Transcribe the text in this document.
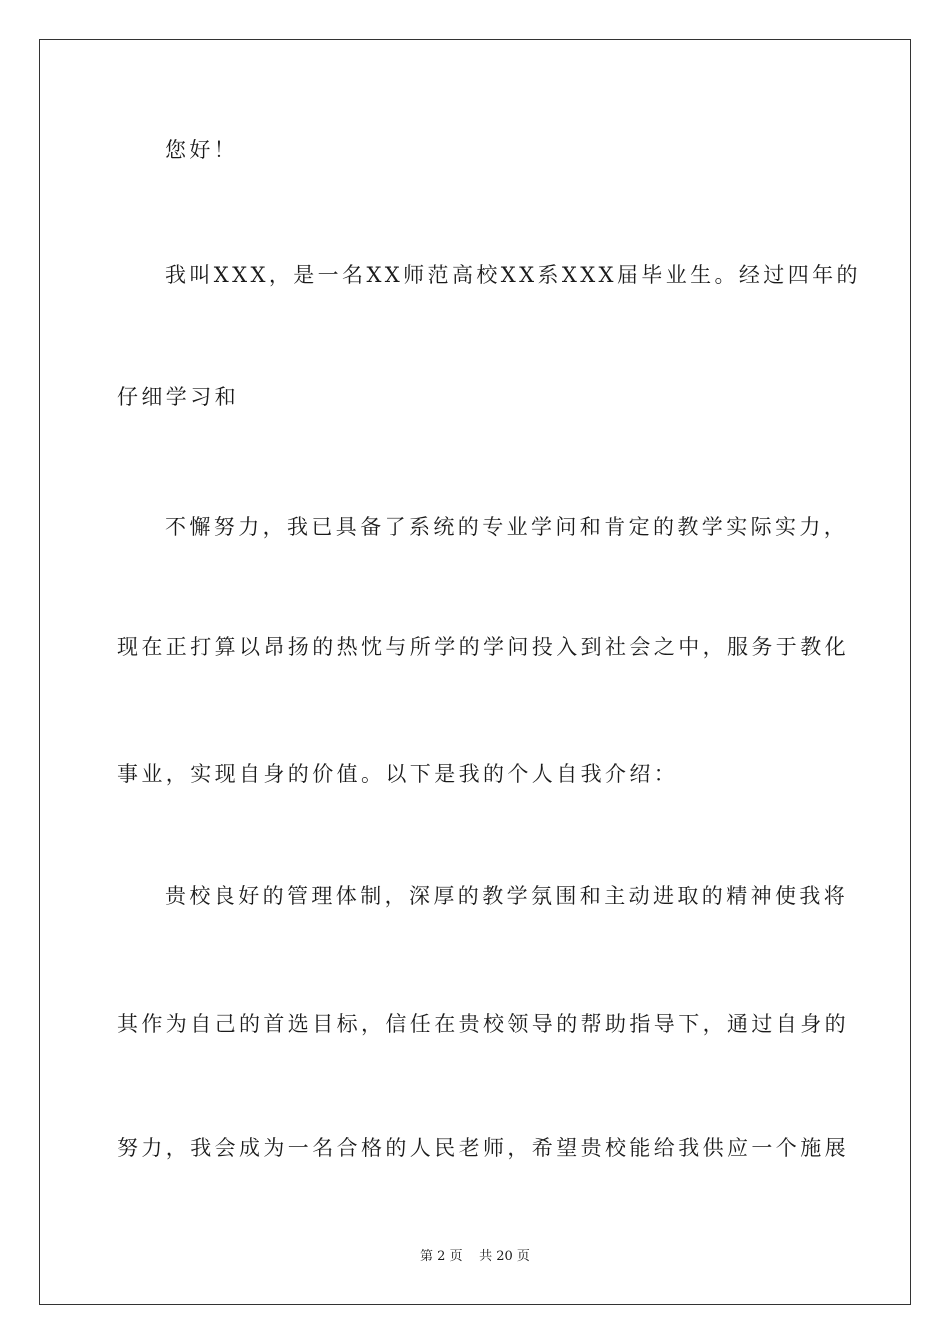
您好！
我叫XXX，是一名XX师范高校XX系XXX届毕业生。经过四年的
仔细学习和
不懈努力，我已具备了系统的专业学问和肯定的教学实际实力，
现在正打算以昂扬的热忱与所学的学问投入到社会之中，服务于教化
事业，实现自身的价值。以下是我的个人自我介绍：
贵校良好的管理体制，深厚的教学氛围和主动进取的精神使我将
其作为自己的首选目标，信任在贵校领导的帮助指导下，通过自身的
努力，我会成为一名合格的人民老师，希望贵校能给我供应一个施展
第 2 页 共 20 页
